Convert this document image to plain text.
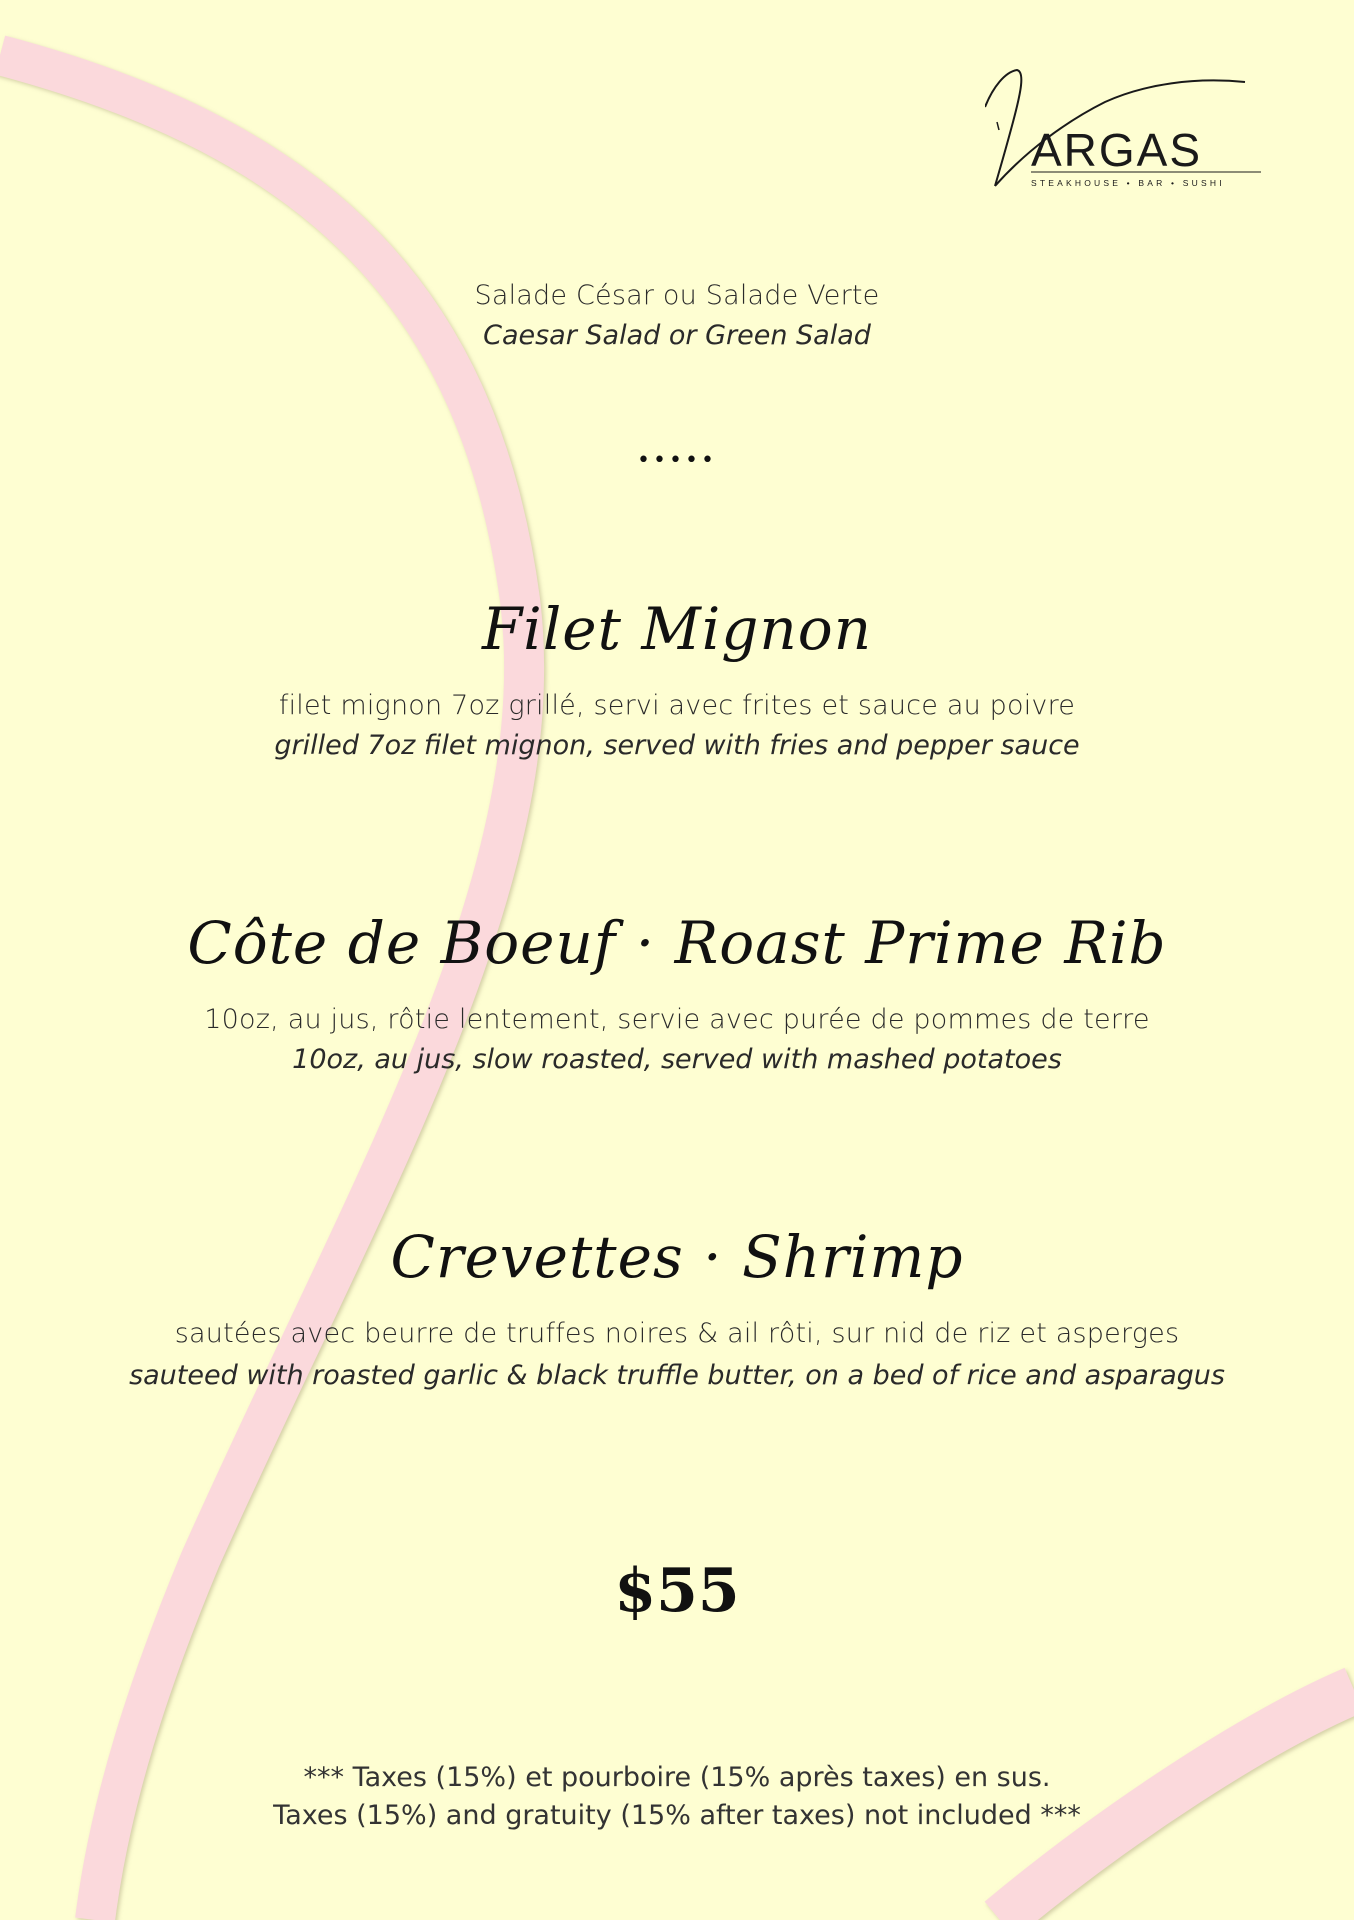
ARGAS
STEAKHOUSE • BAR • SUSHI
Salade César ou Salade Verte
Caesar Salad or Green Salad
•••••
Filet Mignon
filet mignon 7oz grillé, servi avec frites et sauce au poivre
grilled 7oz filet mignon, served with fries and pepper sauce
Côte de Boeuf · Roast Prime Rib
10oz, au jus, rôtie lentement, servie avec purée de pommes de terre
10oz, au jus, slow roasted, served with mashed potatoes
Crevettes · Shrimp
sautées avec beurre de truffes noires & ail rôti, sur nid de riz et asperges
sauteed with roasted garlic & black truffle butter, on a bed of rice and asparagus
$55
*** Taxes (15%) et pourboire (15% après taxes) en sus.
Taxes (15%) and gratuity (15% after taxes) not included ***
